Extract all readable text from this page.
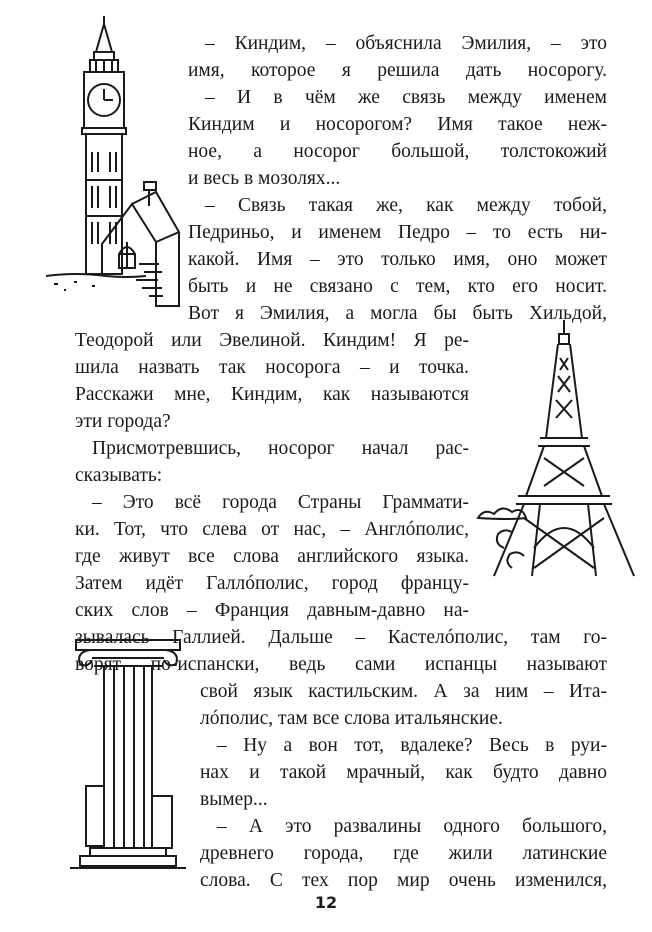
– Киндим, – объяснила Эмилия, – это
имя, которое я решила дать носорогу.
– И в чём же связь между именем
Киндим и носорогом? Имя такое неж-
ное, а носорог большой, толстокожий
и весь в мозолях...
– Связь такая же, как между тобой,
Педриньо, и именем Педро – то есть ни-
какой. Имя – это только имя, оно может
быть и не связано с тем, кто его носит.
Вот я Эмилия, а могла бы быть Хильдой,
Теодорой или Эвелиной. Киндим! Я ре-
шила назвать так носорога – и точка.
Расскажи мне, Киндим, как называются
эти города?
Присмотревшись, носорог начал рас-
сказывать:
– Это всё города Страны Граммати-
ки. Тот, что слева от нас, – Англóполис,
где живут все слова английского языка.
Затем идёт Галлóполис, город францу-
ских слов – Франция давным-давно на-
зывалась Галлией. Дальше – Кастелóполис, там го-
ворят по-испански, ведь сами испанцы называют
свой язык кастильским. А за ним – Ита-
лóполис, там все слова итальянские.
– Ну а вон тот, вдалеке? Весь в руи-
нах и такой мрачный, как будто давно
вымер...
– А это развалины одного большого,
древнего города, где жили латинские
слова. С тех пор мир очень изменился,
12
